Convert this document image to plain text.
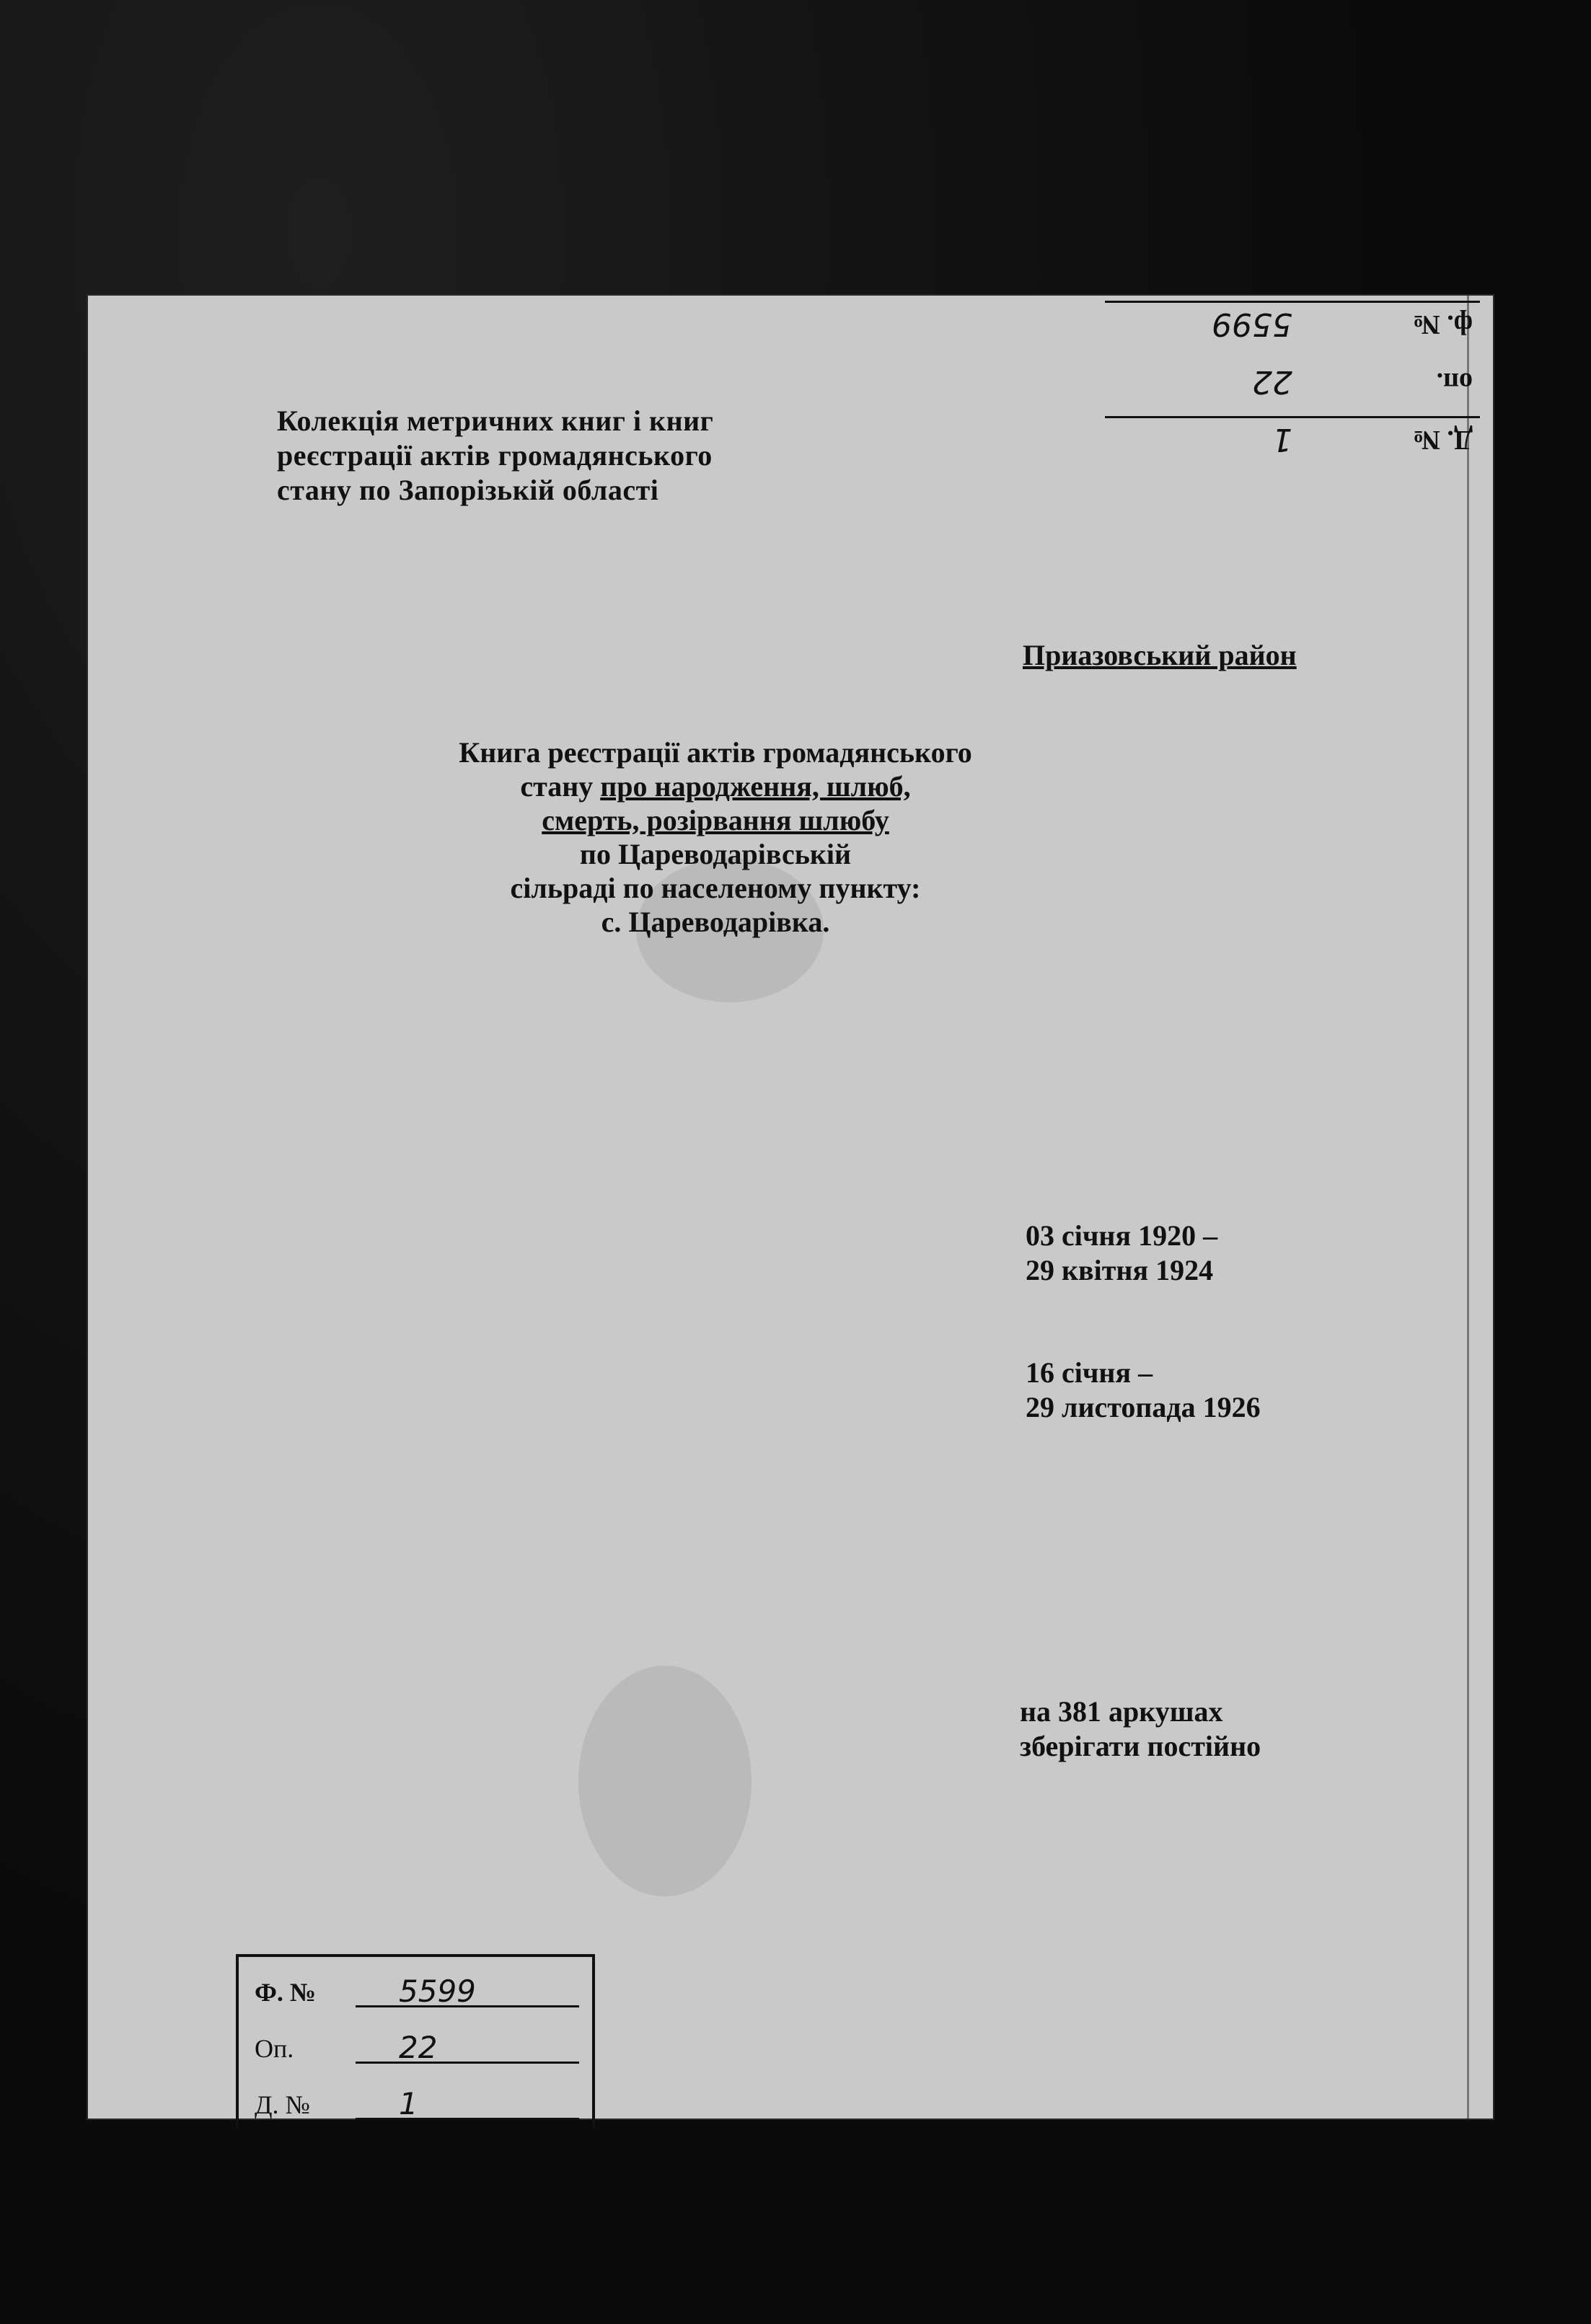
ф. №
5599
оп.
22
Д. №
1
Колекція метричних книг і книг
реєстрації актів громадянського
стану по Запорізькій області
Приазовський район
Книга реєстрації актів громадянського
стану про народження, шлюб,
смерть, розірвання шлюбу
по Цареводарівській
сільраді по населеному пункту:
с. Цареводарівка.
03 січня 1920 –
29 квітня 1924
16 січня –
29 листопада 1926
на 381 аркушах
зберігати постійно
Ф. №	5599
Оп.	22
Д. №	1
